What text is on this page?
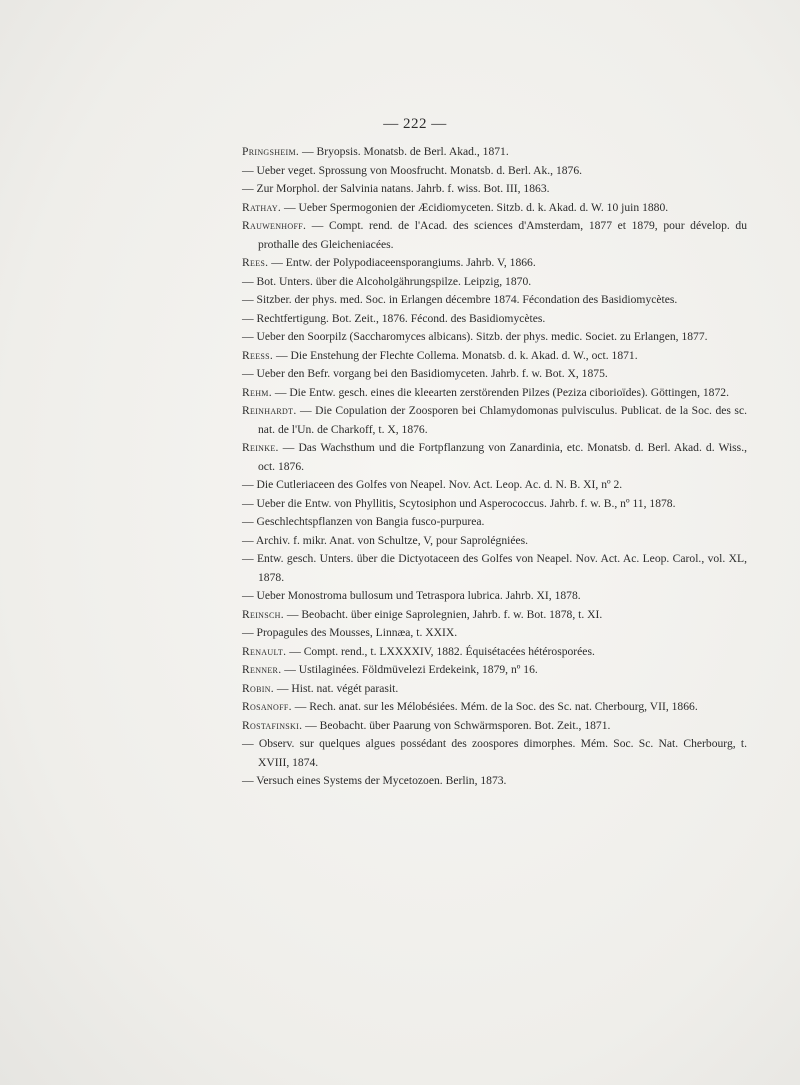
— 222 —
Pringsheim. — Bryopsis. Monatsb. de Berl. Akad., 1871.
— Ueber veget. Sprossung von Moosfrucht. Monatsb. d. Berl. Ak., 1876.
— Zur Morphol. der Salvinia natans. Jahrb. f. wiss. Bot. III, 1863.
Rathay. — Ueber Spermogonien der Æcidiomyceten. Sitzb. d. k. Akad. d. W. 10 juin 1880.
Rauwenhoff. — Compt. rend. de l'Acad. des sciences d'Amsterdam, 1877 et 1879, pour dévelop. du prothalle des Gleicheniacées.
Rees. — Entw. der Polypodiaceensporangiums. Jahrb. V, 1866.
— Bot. Unters. über die Alcoholgährungspilze. Leipzig, 1870.
— Sitzber. der phys. med. Soc. in Erlangen décembre 1874. Fécondation des Basidiomycètes.
— Rechtfertigung. Bot. Zeit., 1876. Fécond. des Basidiomycètes.
— Ueber den Soorpilz (Saccharomyces albicans). Sitzb. der phys. medic. Societ. zu Erlangen, 1877.
Reess. — Die Enstehung der Flechte Collema. Monatsb. d. k. Akad. d. W., oct. 1871.
— Ueber den Befr. vorgang bei den Basidiomyceten. Jahrb. f. w. Bot. X, 1875.
Rehm. — Die Entw. gesch. eines die kleearten zerstörenden Pilzes (Peziza ciborioïdes). Göttingen, 1872.
Reinhardt. — Die Copulation der Zoosporen bei Chlamydomonas pulvisculus. Publicat. de la Soc. des sc. nat. de l'Un. de Charkoff, t. X, 1876.
Reinke. — Das Wachsthum und die Fortpflanzung von Zanardinia, etc. Monatsb. d. Berl. Akad. d. Wiss., oct. 1876.
— Die Cutleriaceen des Golfes von Neapel. Nov. Act. Leop. Ac. d. N. B. XI, nº 2.
— Ueber die Entw. von Phyllitis, Scytosiphon und Asperococcus. Jahrb. f. w. B., nº 11, 1878.
— Geschlechtspflanzen von Bangia fusco-purpurea.
— Archiv. f. mikr. Anat. von Schultze, V, pour Saprolégniées.
— Entw. gesch. Unters. über die Dictyotaceen des Golfes von Neapel. Nov. Act. Ac. Leop. Carol., vol. XL, 1878.
— Ueber Monostroma bullosum und Tetraspora lubrica. Jahrb. XI, 1878.
Reinsch. — Beobacht. über einige Saprolegnien, Jahrb. f. w. Bot. 1878, t. XI.
— Propagules des Mousses, Linnæa, t. XXIX.
Renault. — Compt. rend., t. LXXXXIV, 1882. Équisétacées hétérosporées.
Renner. — Ustilaginées. Földmüvelezi Erdekeink, 1879, nº 16.
Robin. — Hist. nat. végét parasit.
Rosanoff. — Rech. anat. sur les Mélobésiées. Mém. de la Soc. des Sc. nat. Cherbourg, VII, 1866.
Rostafinski. — Beobacht. über Paarung von Schwärmsporen. Bot. Zeit., 1871.
— Observ. sur quelques algues possédant des zoospores dimorphes. Mém. Soc. Sc. Nat. Cherbourg, t. XVIII, 1874.
— Versuch eines Systems der Mycetozoen. Berlin, 1873.
